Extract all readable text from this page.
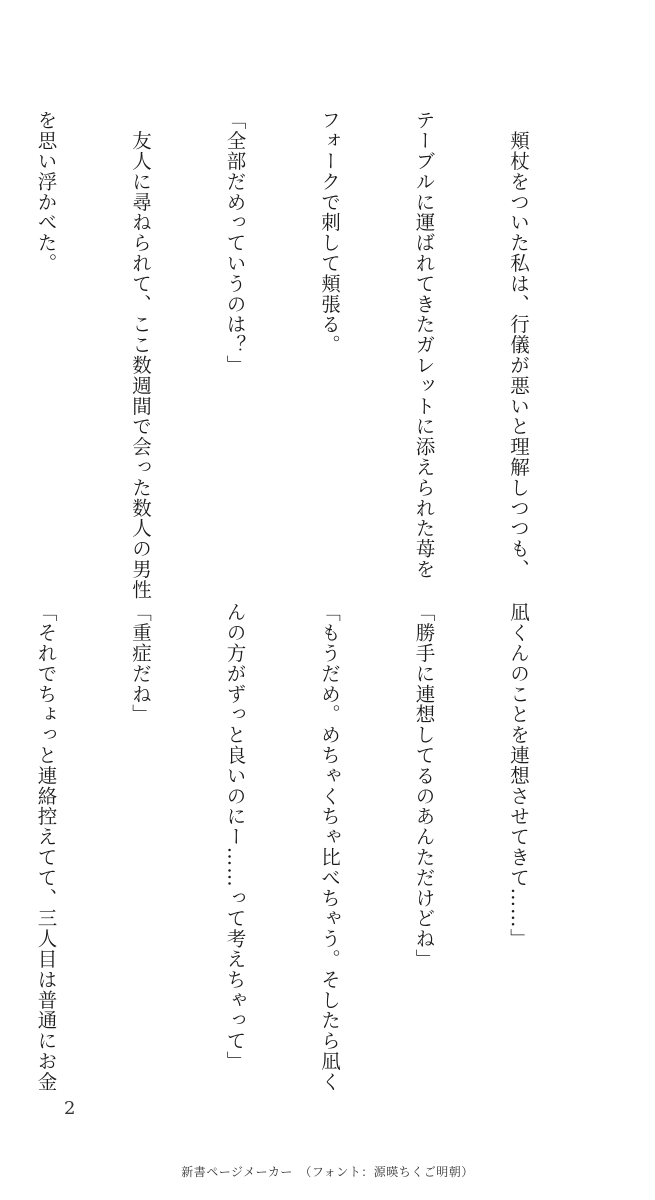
　頬杖をついた私は、行儀が悪いと理解しつつも、

テーブルに運ばれてきたガレットに添えられた苺を

フォークで刺して頬張る。

「全部だめっていうのは？」

　友人に尋ねられて、ここ数週間で会った数人の男性

を思い浮かべた。

凪くんのことを連想させてきて……」

「勝手に連想してるのあんただけどね」

「もうだめ。めちゃくちゃ比べちゃう。そしたら凪く

んの方がずっと良いのにー……って考えちゃって」

「重症だね」

「それでちょっと連絡控えてて、三人目は普通にお金

2
新書ページメーカー　（フォント：源暎ちくご明朝）
